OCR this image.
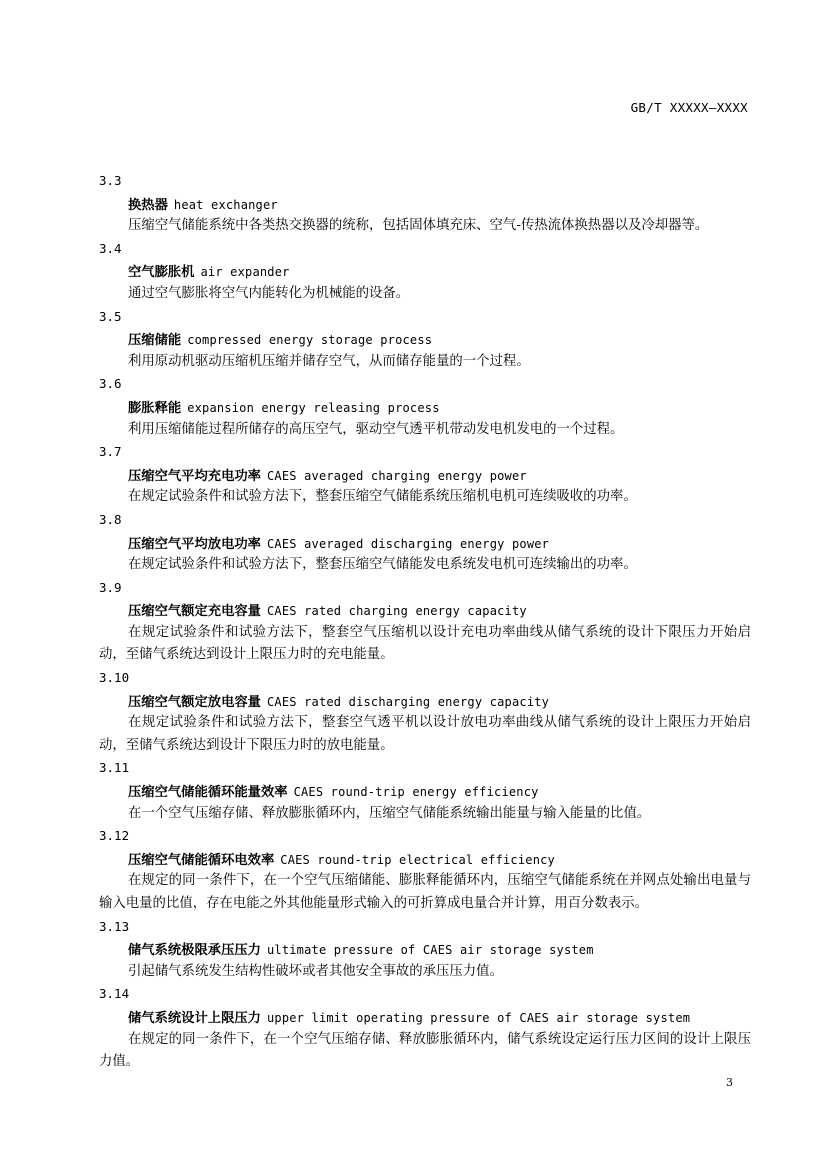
GB/T XXXXX—XXXX
3.3
换热器 heat exchanger

压缩空气储能系统中各类热交换器的统称，包括固体填充床、空气-传热流体换热器以及冷却器等。

3.4
空气膨胀机 air expander

通过空气膨胀将空气内能转化为机械能的设备。

3.5
压缩储能 compressed energy storage process

利用原动机驱动压缩机压缩并储存空气，从而储存能量的一个过程。

3.6
膨胀释能 expansion energy releasing process

利用压缩储能过程所储存的高压空气，驱动空气透平机带动发电机发电的一个过程。

3.7
压缩空气平均充电功率 CAES averaged charging energy power

在规定试验条件和试验方法下，整套压缩空气储能系统压缩机电机可连续吸收的功率。

3.8
压缩空气平均放电功率 CAES averaged discharging energy power

在规定试验条件和试验方法下，整套压缩空气储能发电系统发电机可连续输出的功率。

3.9
压缩空气额定充电容量 CAES rated charging energy capacity

在规定试验条件和试验方法下，整套空气压缩机以设计充电功率曲线从储气系统的设计下限压力开始启动，至储气系统达到设计上限压力时的充电能量。

3.10
压缩空气额定放电容量 CAES rated discharging energy capacity

在规定试验条件和试验方法下，整套空气透平机以设计放电功率曲线从储气系统的设计上限压力开始启动，至储气系统达到设计下限压力时的放电能量。

3.11
压缩空气储能循环能量效率 CAES round-trip energy efficiency

在一个空气压缩存储、释放膨胀循环内，压缩空气储能系统输出能量与输入能量的比值。

3.12
压缩空气储能循环电效率 CAES round-trip electrical efficiency

在规定的同一条件下，在一个空气压缩储能、膨胀释能循环内，压缩空气储能系统在并网点处输出电量与输入电量的比值，存在电能之外其他能量形式输入的可折算成电量合并计算，用百分数表示。

3.13
储气系统极限承压压力 ultimate pressure of CAES air storage system

引起储气系统发生结构性破坏或者其他安全事故的承压压力值。

3.14
储气系统设计上限压力 upper limit operating pressure of CAES air storage system

在规定的同一条件下，在一个空气压缩存储、释放膨胀循环内，储气系统设定运行压力区间的设计上限压力值。

3
